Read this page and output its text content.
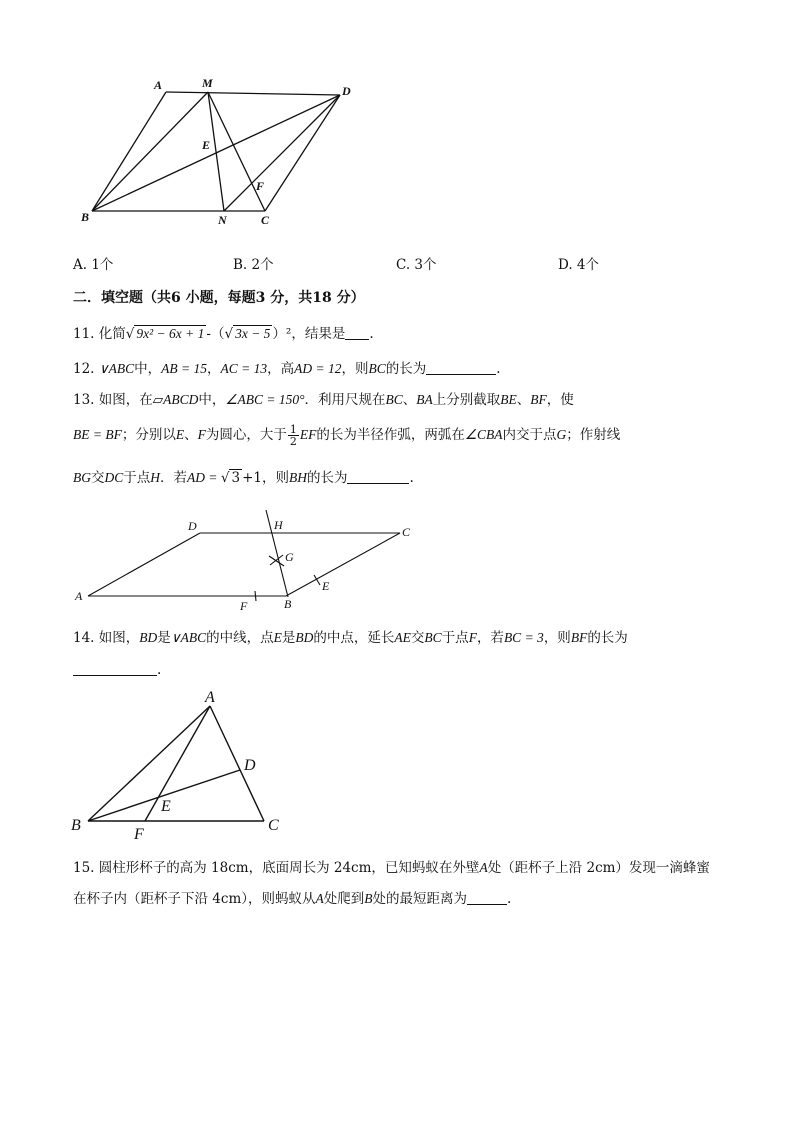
A	M
D
E
F
B	N	C
A. 1个	B. 2个	C. 3个	D. 4个
二．填空题（共6 小题，每题3 分，共18 分）
11. 化简√ 9x² − 6x + 1 -（√ 3x − 5 ）²，结果是 .
12. ∨ABC中，AB = 15，AC = 13，高AD = 12，则BC的长为	.
13. 如图，在▱ABCD中，∠ABC = 150°．利用尺规在BC、BA上分别截取BE、BF，使
BE = BF；分别以E、F为圆心，大于 $\frac{1}{2}$ EF的长为半径作弧，两弧在∠CBA内交于点G；作射线
BG交DC于点H．若AD = √ 3 +1，则BH的长为	.
D	H	C
G
E
A
F	B
14. 如图，BD是∨ABC的中线，点E是BD的中点，延长AE交BC于点F，若BC = 3，则BF的长为
.
A
D
E
B
F
C
15. 圆柱形杯子的高为 18cm，底面周长为 24cm，已知蚂蚁在外壁A处（距杯子上沿 2cm）发现一滴蜂蜜
在杯子内（距杯子下沿 4cm），则蚂蚁从A处爬到B处的最短距离为	.
